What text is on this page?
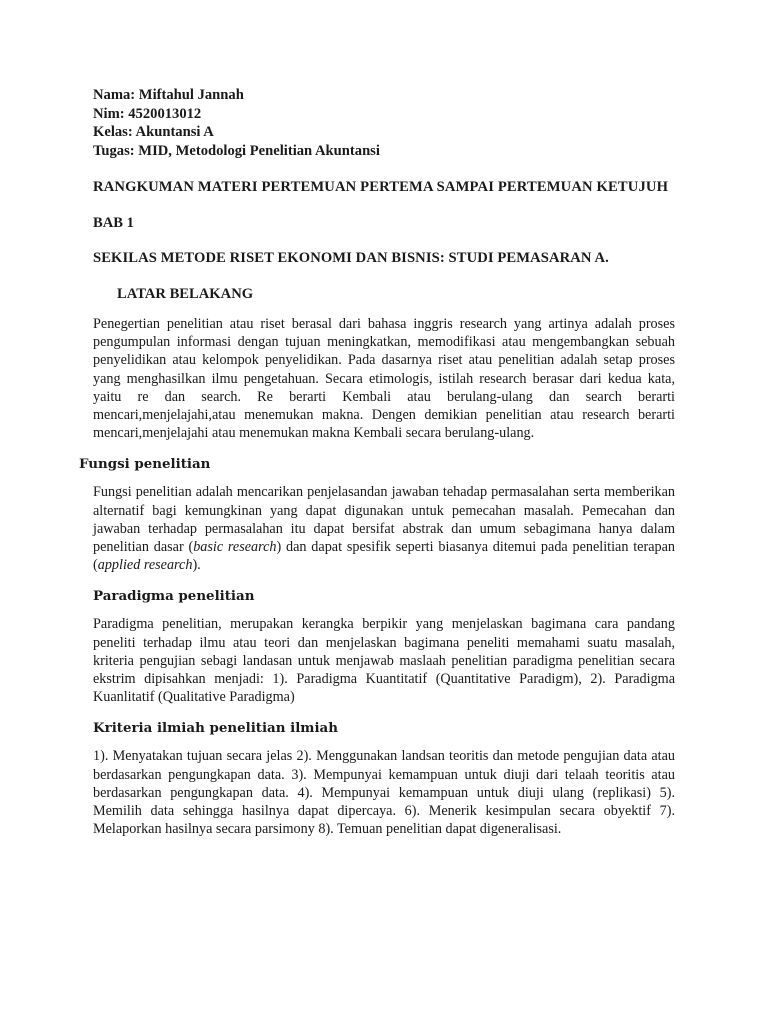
Nama: Miftahul Jannah
Nim: 4520013012
Kelas: Akuntansi A
Tugas: MID, Metodologi Penelitian Akuntansi
RANGKUMAN MATERI PERTEMUAN PERTEMA SAMPAI PERTEMUAN KETUJUH
BAB 1
SEKILAS METODE RISET EKONOMI DAN BISNIS: STUDI PEMASARAN A.
LATAR BELAKANG
Penegertian penelitian atau riset berasal dari bahasa inggris research yang artinya adalah proses pengumpulan informasi dengan tujuan meningkatkan, memodifikasi atau mengembangkan sebuah penyelidikan atau kelompok penyelidikan. Pada dasarnya riset atau penelitian adalah setap proses yang menghasilkan ilmu pengetahuan. Secara etimologis, istilah research berasar dari kedua kata, yaitu re dan search. Re berarti Kembali atau berulang-ulang dan search berarti mencari,menjelajahi,atau menemukan makna. Dengen demikian penelitian atau research berarti mencari,menjelajahi atau menemukan makna Kembali secara berulang-ulang.
Fungsi penelitian
Fungsi penelitian adalah mencarikan penjelasandan jawaban tehadap permasalahan serta memberikan alternatif bagi kemungkinan yang dapat digunakan untuk pemecahan masalah. Pemecahan dan jawaban terhadap permasalahan itu dapat bersifat abstrak dan umum sebagimana hanya dalam penelitian dasar (basic research) dan dapat spesifik seperti biasanya ditemui pada penelitian terapan (applied research).
Paradigma penelitian
Paradigma penelitian, merupakan kerangka berpikir yang menjelaskan bagimana cara pandang peneliti terhadap ilmu atau teori dan menjelaskan bagimana peneliti memahami suatu masalah, kriteria pengujian sebagi landasan untuk menjawab maslaah penelitian paradigma penelitian secara ekstrim dipisahkan menjadi: 1). Paradigma Kuantitatif (Quantitative Paradigm), 2). Paradigma Kuanlitatif (Qualitative Paradigma)
Kriteria ilmiah penelitian ilmiah
1). Menyatakan tujuan secara jelas 2). Menggunakan landsan teoritis dan metode pengujian data atau berdasarkan pengungkapan data. 3). Mempunyai kemampuan untuk diuji dari telaah teoritis atau berdasarkan pengungkapan data. 4). Mempunyai kemampuan untuk diuji ulang (replikasi) 5). Memilih data sehingga hasilnya dapat dipercaya. 6). Menerik kesimpulan secara obyektif 7). Melaporkan hasilnya secara parsimony 8). Temuan penelitian dapat digeneralisasi.
